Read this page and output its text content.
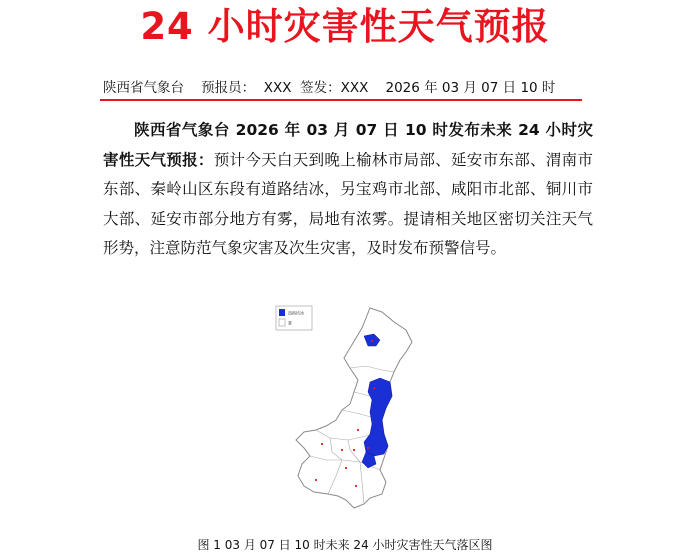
24 小时灾害性天气预报
陕西省气象台    预报员：  XXX  签发：XXX    2026 年 03 月 07 日 10 时
陕西省气象台 2026 年 03 月 07 日 10 时发布未来 24 小时灾害性天气预报：预计今天白天到晚上榆林市局部、延安市东部、渭南市东部、秦岭山区东段有道路结冰，另宝鸡市北部、咸阳市北部、铜川市大部、延安市部分地方有雾，局地有浓雾。提请相关地区密切关注天气形势，注意防范气象灾害及次生灾害，及时发布预警信号。
道路结冰
雾
图 1 03 月 07 日 10 时未来 24 小时灾害性天气落区图
